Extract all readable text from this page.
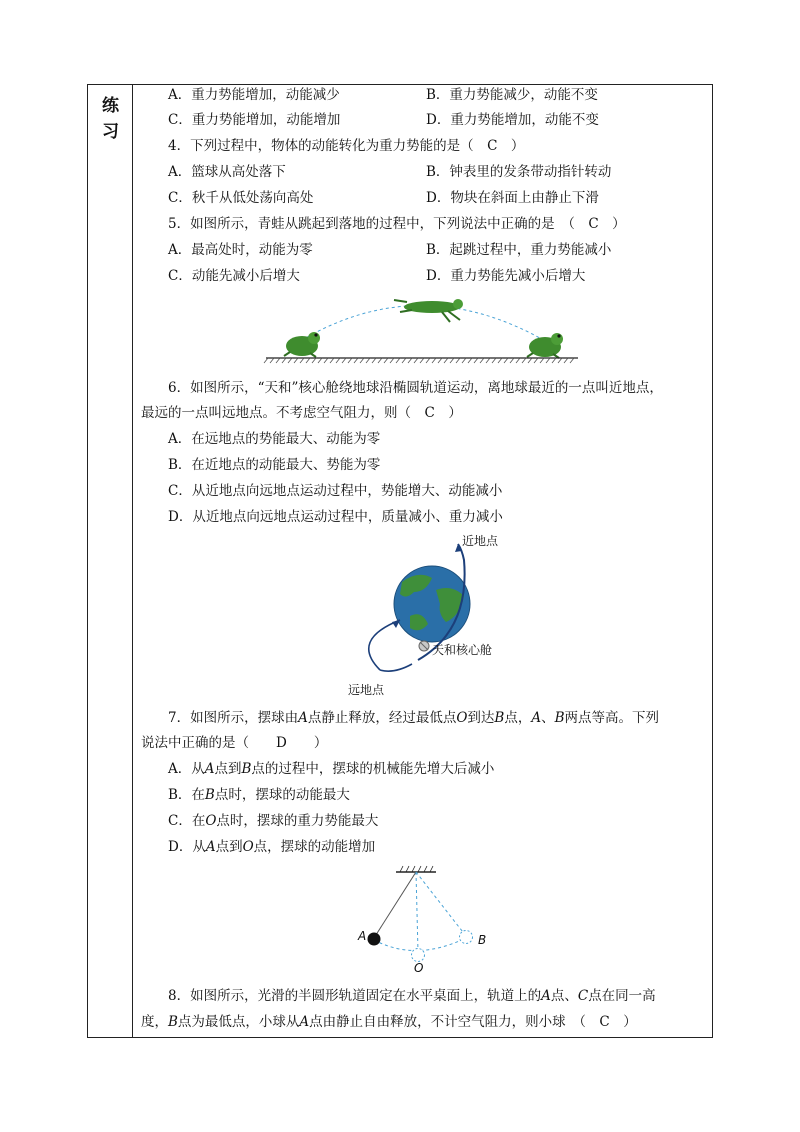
练
习
A．重力势能增加，动能减少	B．重力势能减少，动能不变
C．重力势能增加，动能增加	D．重力势能增加，动能不变
4．下列过程中，物体的动能转化为重力势能的是（　C　）
A．篮球从高处落下	B．钟表里的发条带动指针转动
C．秋千从低处荡向高处	D．物块在斜面上由静止下滑
5．如图所示，青蛙从跳起到落地的过程中，下列说法中正确的是　（　C　）
A．最高处时，动能为零	B．起跳过程中，重力势能减小
C．动能先减小后增大	D．重力势能先减小后增大
6．如图所示，“天和”核心舱绕地球沿椭圆轨道运动，离地球最近的一点叫近地点，
最远的一点叫远地点。不考虑空气阻力，则（　C　）
A．在远地点的势能最大、动能为零
B．在近地点的动能最大、势能为零
C．从近地点向远地点运动过程中，势能增大、动能减小
D．从近地点向远地点运动过程中，质量减小、重力减小
近地点
天和核心舱
远地点
7．如图所示，摆球由A点静止释放，经过最低点O到达B点，A、B两点等高。下列
说法中正确的是（　　D　　）
A．从A点到B点的过程中，摆球的机械能先增大后减小
B．在B点时，摆球的动能最大
C．在O点时，摆球的重力势能最大
D．从A点到O点，摆球的动能增加
A	B
O
8．如图所示，光滑的半圆形轨道固定在水平桌面上，轨道上的A点、C点在同一高
度，B点为最低点，小球从A点由静止自由释放，不计空气阻力，则小球　（　C　）
